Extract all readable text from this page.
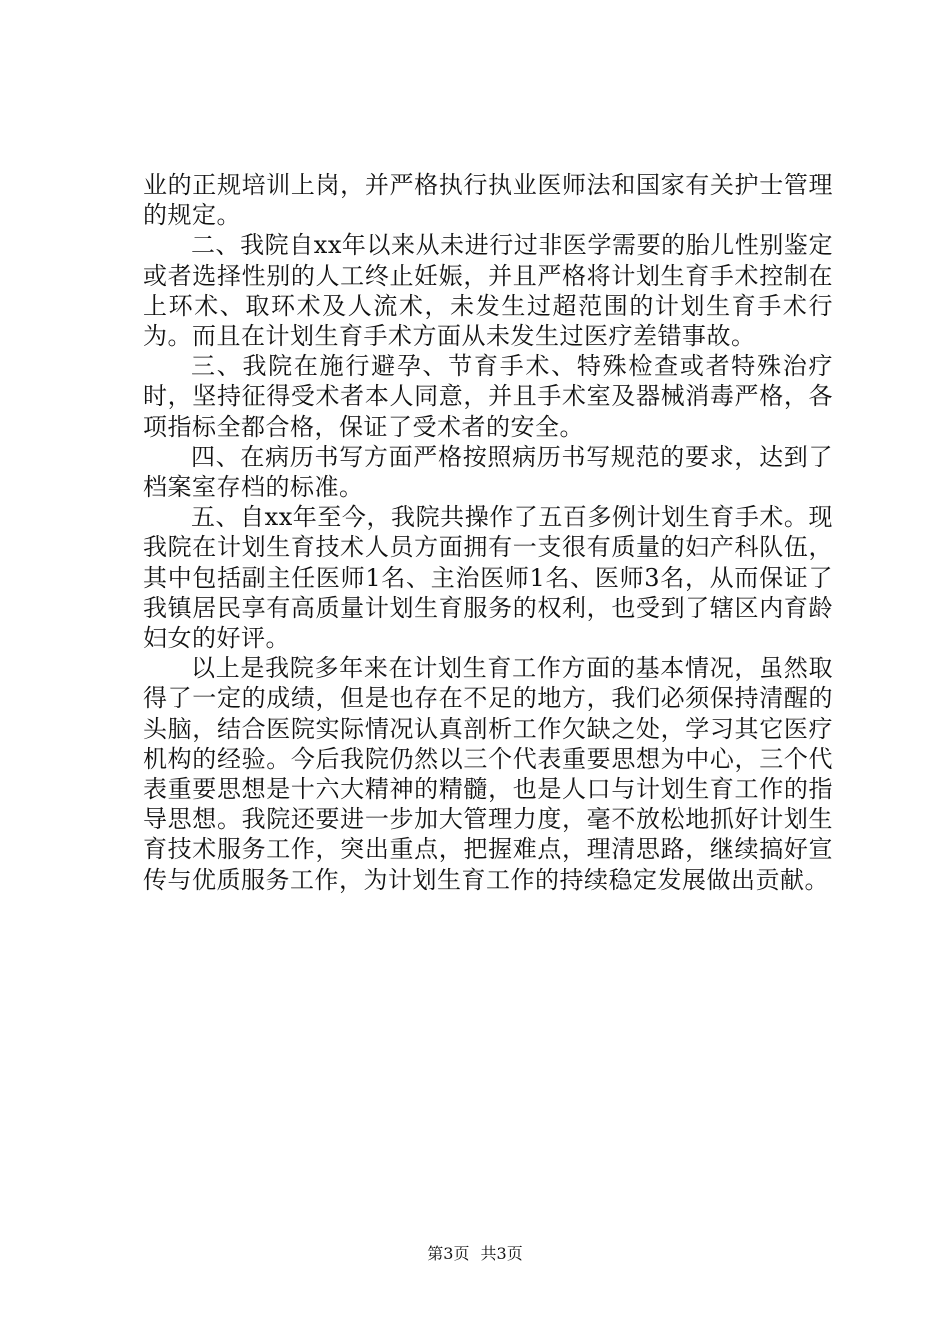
业的正规培训上岗，并严格执行执业医师法和国家有关护士管理的规定。

二、我院自xx年以来从未进行过非医学需要的胎儿性别鉴定或者选择性别的人工终止妊娠，并且严格将计划生育手术控制在上环术、取环术及人流术，未发生过超范围的计划生育手术行为。而且在计划生育手术方面从未发生过医疗差错事故。

三、我院在施行避孕、节育手术、特殊检查或者特殊治疗时，坚持征得受术者本人同意，并且手术室及器械消毒严格，各项指标全都合格，保证了受术者的安全。

四、在病历书写方面严格按照病历书写规范的要求，达到了档案室存档的标准。

五、自xx年至今，我院共操作了五百多例计划生育手术。现我院在计划生育技术人员方面拥有一支很有质量的妇产科队伍，其中包括副主任医师1名、主治医师1名、医师3名，从而保证了我镇居民享有高质量计划生育服务的权利，也受到了辖区内育龄妇女的好评。

以上是我院多年来在计划生育工作方面的基本情况，虽然取得了一定的成绩，但是也存在不足的地方，我们必须保持清醒的头脑，结合医院实际情况认真剖析工作欠缺之处，学习其它医疗机构的经验。今后我院仍然以三个代表重要思想为中心，三个代表重要思想是十六大精神的精髓，也是人口与计划生育工作的指导思想。我院还要进一步加大管理力度，毫不放松地抓好计划生育技术服务工作，突出重点，把握难点，理清思路，继续搞好宣传与优质服务工作，为计划生育工作的持续稳定发展做出贡献。

第3页 共3页
